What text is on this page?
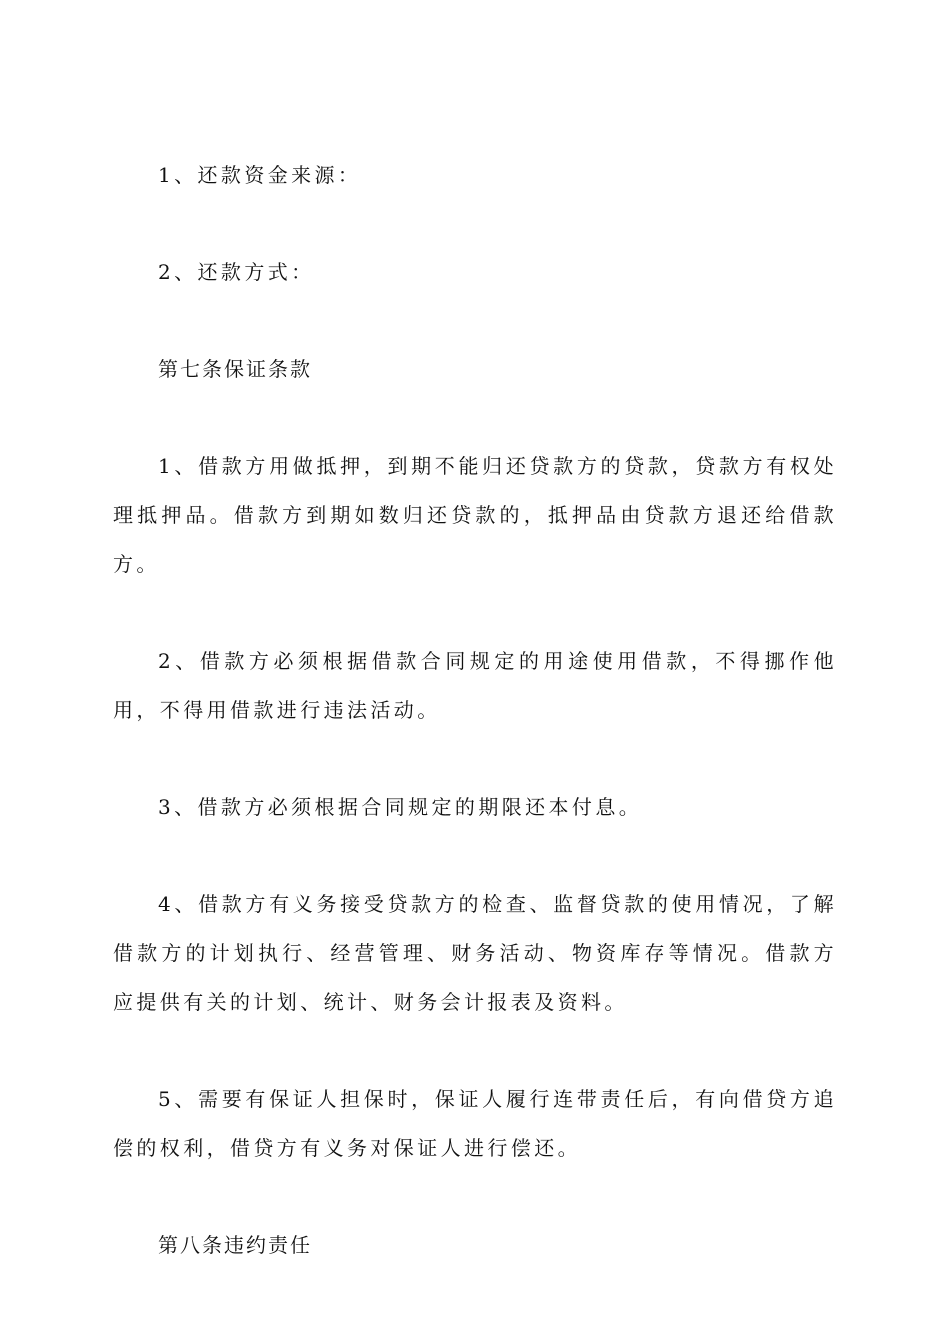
1、还款资金来源：

2、还款方式：

第七条保证条款

1、借款方用做抵押，到期不能归还贷款方的贷款，贷款方有权处理抵押品。借款方到期如数归还贷款的，抵押品由贷款方退还给借款方。

2、借款方必须根据借款合同规定的用途使用借款，不得挪作他用，不得用借款进行违法活动。

3、借款方必须根据合同规定的期限还本付息。

4、借款方有义务接受贷款方的检查、监督贷款的使用情况，了解借款方的计划执行、经营管理、财务活动、物资库存等情况。借款方应提供有关的计划、统计、财务会计报表及资料。

5、需要有保证人担保时，保证人履行连带责任后，有向借贷方追偿的权利，借贷方有义务对保证人进行偿还。

第八条违约责任
